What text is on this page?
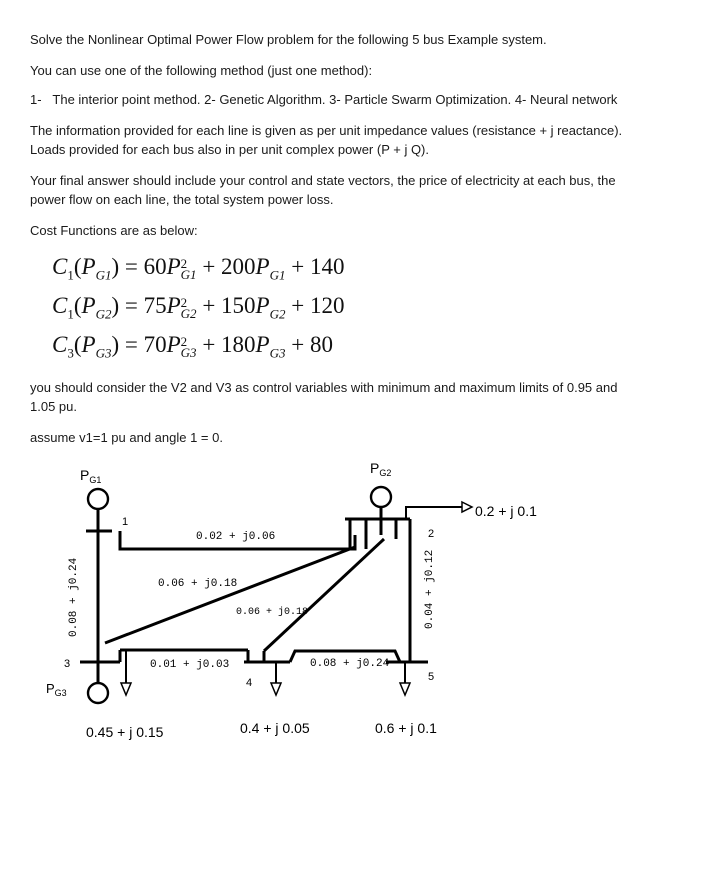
Solve the Nonlinear Optimal Power Flow problem for the following 5 bus Example system.

You can use one of the following method (just one method):

1- The interior point method. 2- Genetic Algorithm. 3- Particle Swarm Optimization. 4- Neural network

The information provided for each line is given as per unit impedance values (resistance + j reactance).

Loads provided for each bus also in per unit complex power (P + j Q).

Your final answer should include your control and state vectors, the price of electricity at each bus, the

power flow on each line, the total system power loss.

Cost Functions are as below:

$C_1(P_{G1}) = 60P$ 2
$G1 + 200P_{G1} + 140$
$C_1(P_{G2}) = 75P$ 2
$G2 + 150P_{G2} + 120$
$C_3(P_{G3}) = 70P$ 2
$G3 + 180P_{G3} + 80$

you should consider the V2 and V3 as control variables with minimum and maximum limits of 0.95 and

1.05 pu.

assume v1=1 pu and angle 1 = 0.

$P_{G1}$
$P_{G2}$
$P_{G3}$
1
2
3
4	5
0.02 + j0.06
0.08 + j0.24	0.06 + j0.18
0.06 + j0.18	0.04 + j0.12
0.01 + j0.03	0.08 + j0.24
0.2 + j 0.1
0.45 + j 0.15	0.4 + j 0.05	0.6 + j 0.1
